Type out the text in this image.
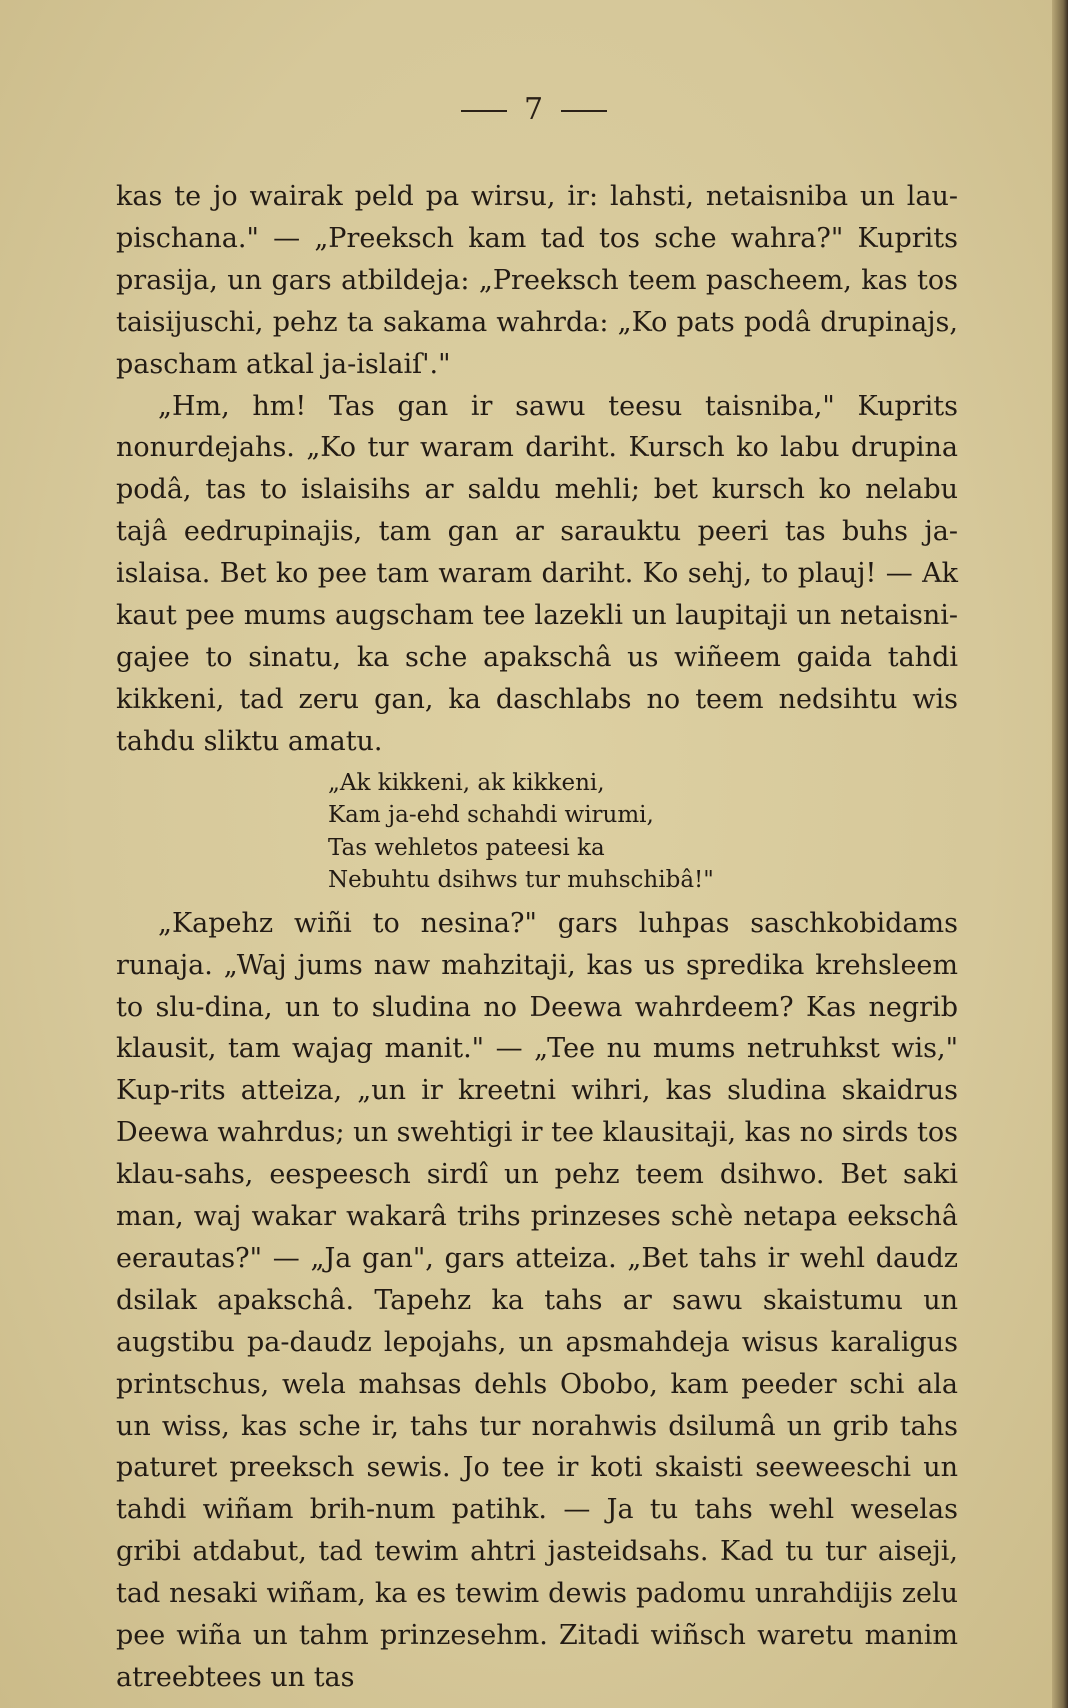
7

kas te jo wairak peld pa wirsu, ir: lahsti, netaisniba un lau-pischana." — „Preeksch kam tad tos sche wahra?" Kuprits prasija, un gars atbildeja: „Preeksch teem pascheem, kas tos taisijuschi, pehz ta sakama wahrda: „Ko pats podâ drupinajs, pascham atkal ja-islaiſ'."

„Hm, hm! Tas gan ir sawu teesu taisniba," Kuprits nonurdejahs. „Ko tur waram dariht. Kursch ko labu drupina podâ, tas to islaisihs ar saldu mehli; bet kursch ko nelabu tajâ eedrupinajis, tam gan ar sarauktu peeri tas buhs ja-islaisa. Bet ko pee tam waram dariht. Ko sehj, to plauj! — Ak kaut pee mums augscham tee lazekli un laupitaji un netaisni-gajee to sinatu, ka sche apakschâ us wiñeem gaida tahdi kikkeni, tad zeru gan, ka daschlabs no teem nedsihtu wis tahdu sliktu amatu.

„Ak kikkeni, ak kikkeni,
Kam ja-ehd schahdi wirumi,
Tas wehletos pateesi ka
Nebuhtu dsihws tur muhschibâ!"

„Kapehz wiñi to nesina?" gars luhpas saschkobidams runaja. „Waj jums naw mahzitaji, kas us spredika krehsleem to slu-dina, un to sludina no Deewa wahrdeem? Kas negrib klausit, tam wajag manit." — „Tee nu mums netruhkst wis," Kup-rits atteiza, „un ir kreetni wihri, kas sludina skaidrus Deewa wahrdus; un swehtigi ir tee klausitaji, kas no sirds tos klau-sahs, eespeesch sirdî un pehz teem dsihwo. Bet saki man, waj wakar wakarâ trihs prinzeses schè netapa eekschâ eerautas?" — „Ja gan", gars atteiza. „Bet tahs ir wehl daudz dsilak apakschâ. Tapehz ka tahs ar sawu skaistumu un augstibu pa-daudz lepojahs, un apsmahdeja wisus karaligus printschus, wela mahsas dehls Obobo, kam peeder schi ala un wiss, kas sche ir, tahs tur norahwis dsilumâ un grib tahs paturet preeksch sewis. Jo tee ir koti skaisti seeweeschi un tahdi wiñam brih-num patihk. — Ja tu tahs wehl weselas gribi atdabut, tad tewim ahtri jasteidsahs. Kad tu tur aiseji, tad nesaki wiñam, ka es tewim dewis padomu unrahdijis zelu pee wiña un tahm prinzesehm. Zitadi wiñsch waretu manim atreebtees un tas
